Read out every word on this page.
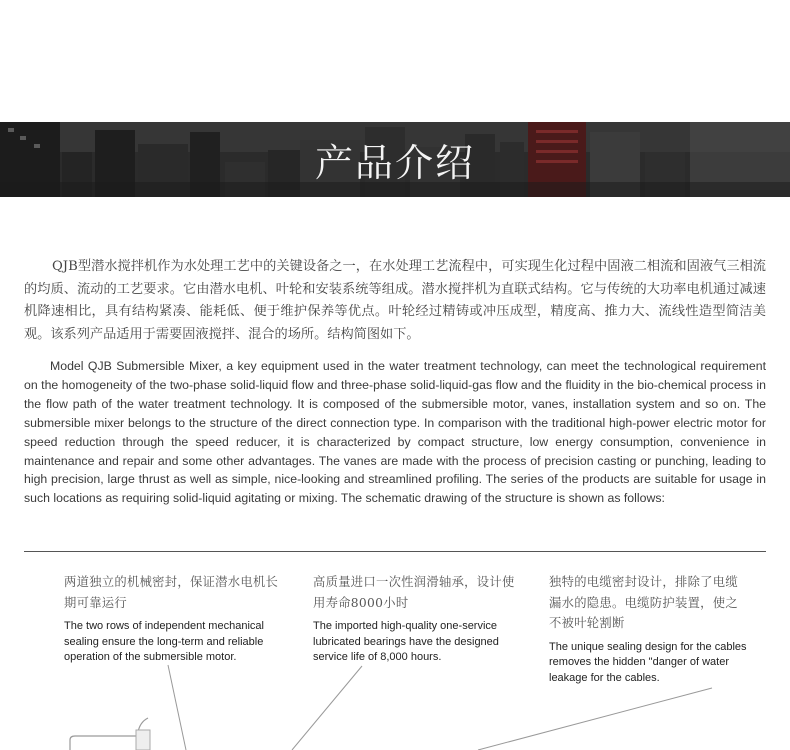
产品介绍

QJB型潜水搅拌机作为水处理工艺中的关键设备之一，在水处理工艺流程中，可实现生化过程中固液二相流和固液气三相流的均质、流动的工艺要求。它由潜水电机、叶轮和安装系统等组成。潜水搅拌机为直联式结构。它与传统的大功率电机通过减速机降速相比，具有结构紧凑、能耗低、便于维护保养等优点。叶轮经过精铸或冲压成型，精度高、推力大、流线性造型简洁美观。该系列产品适用于需要固液搅拌、混合的场所。结构简图如下。

Model QJB Submersible Mixer, a key equipment used in the water treatment technology, can meet the technological requirement on the homogeneity of the two-phase solid-liquid flow and three-phase solid-liquid-gas flow and the fluidity in the bio-chemical process in the flow path of the water treatment technology. It is composed of the submersible motor, vanes, installation system and so on. The submersible mixer belongs to the structure of the direct connection type. In comparison with the traditional high-power electric motor for speed reduction through the speed reducer, it is characterized by compact structure, low energy consumption, convenience in maintenance and repair and some other advantages. The vanes are made with the process of precision casting or punching, leading to high precision, large thrust as well as simple, nice-looking and streamlined profiling. The series of the products are suitable for usage in such locations as requiring solid-liquid agitating or mixing. The schematic drawing of the structure is shown as follows:

两道独立的机械密封，保证潜水电机长期可靠运行
The two rows of independent mechanical sealing ensure the long-term and reliable operation of the submersible motor.
高质量进口一次性润滑轴承，设计使用寿命8000小时
The imported high-quality one-service lubricated bearings have the designed service life of 8,000 hours.
独特的电缆密封设计，排除了电缆漏水的隐患。电缆防护装置，使之不被叶轮割断
The unique sealing design for the cables removes the hidden "danger of water leakage for the cables.
